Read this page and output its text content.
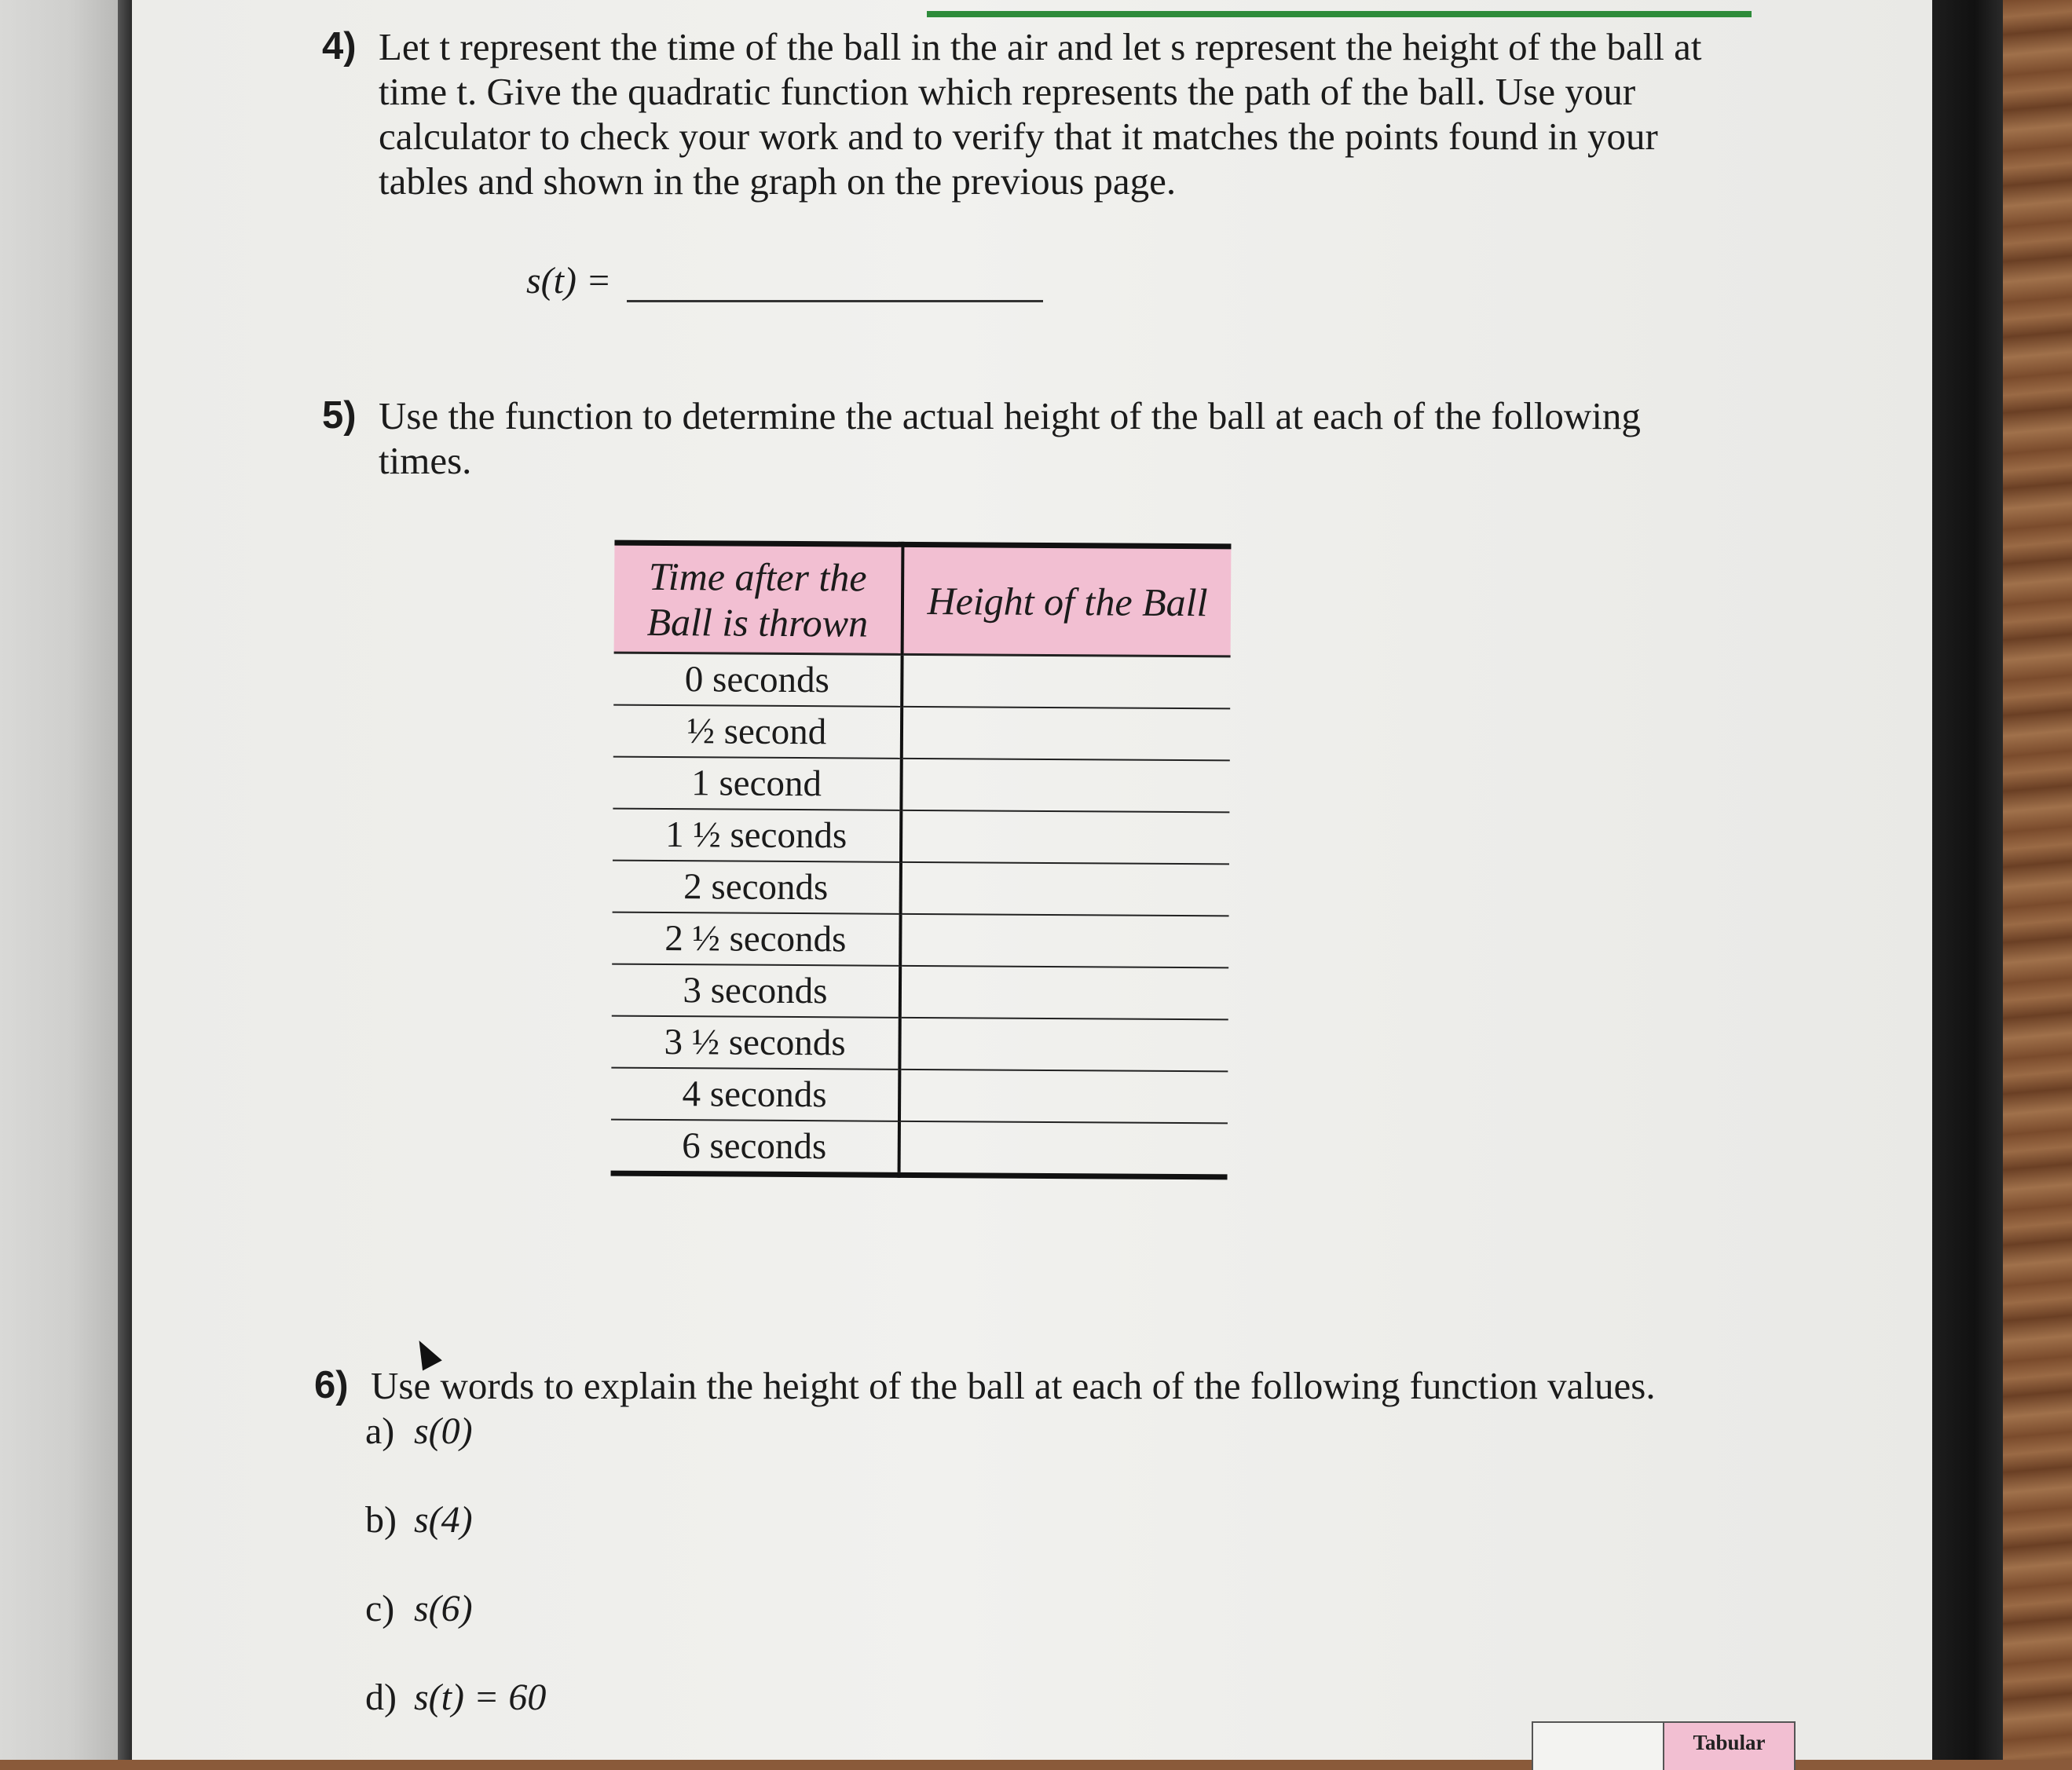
4) Let t represent the time of the ball in the air and let s represent the height of the ball at time t. Give the quadratic function which represents the path of the ball. Use your calculator to check your work and to verify that it matches the points found in your tables and shown in the graph on the previous page.
s(t) =
5) Use the function to determine the actual height of the ball at each of the following times.
Time after the Ball is thrown	Height of the Ball
0 seconds	
½ second	
1 second	
1 ½ seconds	
2 seconds	
2 ½ seconds	
3 seconds	
3 ½ seconds	
4 seconds	
6 seconds	
6) Use words to explain the height of the ball at each of the following function values.
a) s(0)
b) s(4)
c) s(6)
d) s(t) = 60
Tabular
